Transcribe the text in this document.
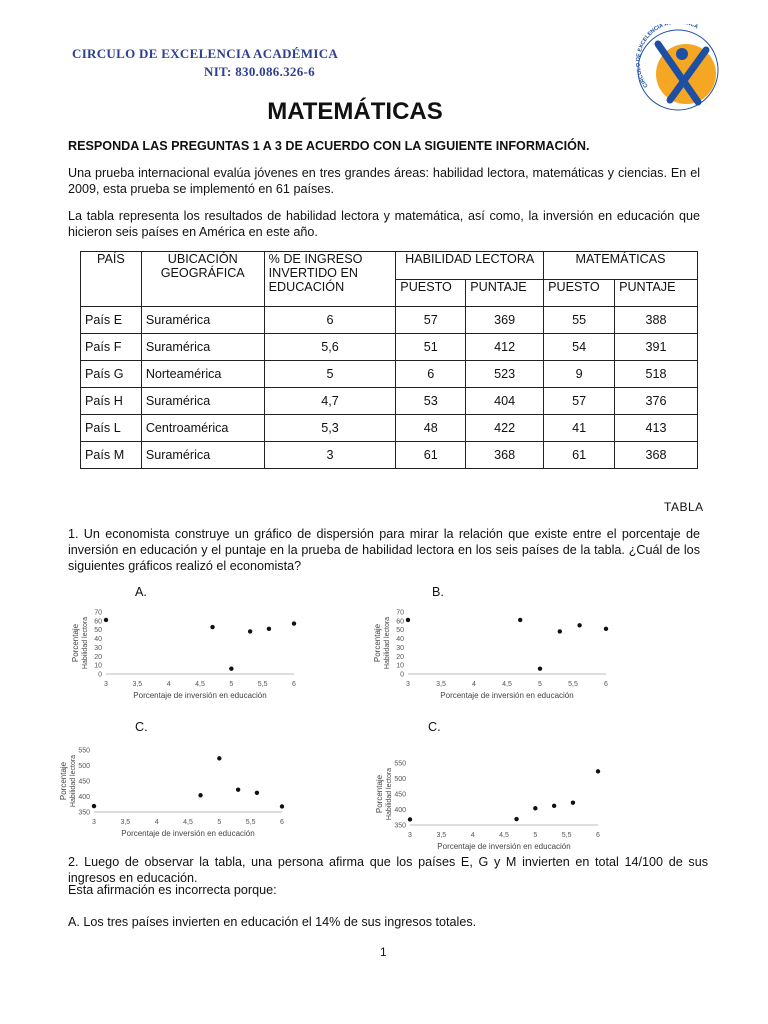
CIRCULO DE EXCELENCIA ACADÉMICA
NIT: 830.086.326-6
CIRCULO DE EXCELENCIA A ICA
MATEMÁTICAS
RESPONDA LAS PREGUNTAS 1 A 3 DE ACUERDO CON LA SIGUIENTE INFORMACIÓN.
Una prueba internacional evalúa jóvenes en tres grandes áreas: habilidad lectora, matemáticas y ciencias. En el 2009, esta prueba se implementó en 61 países.
La tabla representa los resultados de habilidad lectora y matemática, así como, la inversión en educación que hicieron seis países en América en este año.
PAÍS	UBICACIÓN GEOGRÁFICA	% DE INGRESO INVERTIDO EN EDUCACIÓN	HABILIDAD LECTORA		MATEMÁTICAS	
			PUESTO	PUNTAJE	PUESTO	PUNTAJE
País E	Suramérica	6	57	369	55	388
País F	Suramérica	5,6	51	412	54	391
País G	Norteamérica	5	6	523	9	518
País H	Suramérica	4,7	53	404	57	376
País L	Centroamérica	5,3	48	422	41	413
País M	Suramérica	3	61	368	61	368
TABLA
1. Un economista construye un gráfico de dispersión para mirar la relación que existe entre el porcentaje de inversión en educación y el puntaje en la prueba de habilidad lectora en los seis países de la tabla. ¿Cuál de los siguientes gráficos realizó el economista?
A.	B.
C.	C.
0
10
20
30
40
50
60
70
3	3,5	4	4,5	5	5,5	6
Porcentaje de inversión en educación
Porcentaje Habilidad lectora
0
10
20
30
40
50
60
70
3	3,5	4	4,5	5	5,5	6
Porcentaje de inversión en educación
Porcentaje Habilidad lectora
350
400
450
500
550
3	3,5	4	4,5	5	5,5	6
Porcentaje de inversión en educación
Porcentaje Habilidad lectora
350
400
450
500
550
3	3,5	4	4,5	5	5,5	6
Porcentaje de inversión en educación
Porcentaje Habilidad lectora
2. Luego de observar la tabla, una persona afirma que los países E, G y M invierten en total 14/100 de sus ingresos en educación.
Esta afirmación es incorrecta porque:
A. Los tres países invierten en educación el 14% de sus ingresos totales.
1
